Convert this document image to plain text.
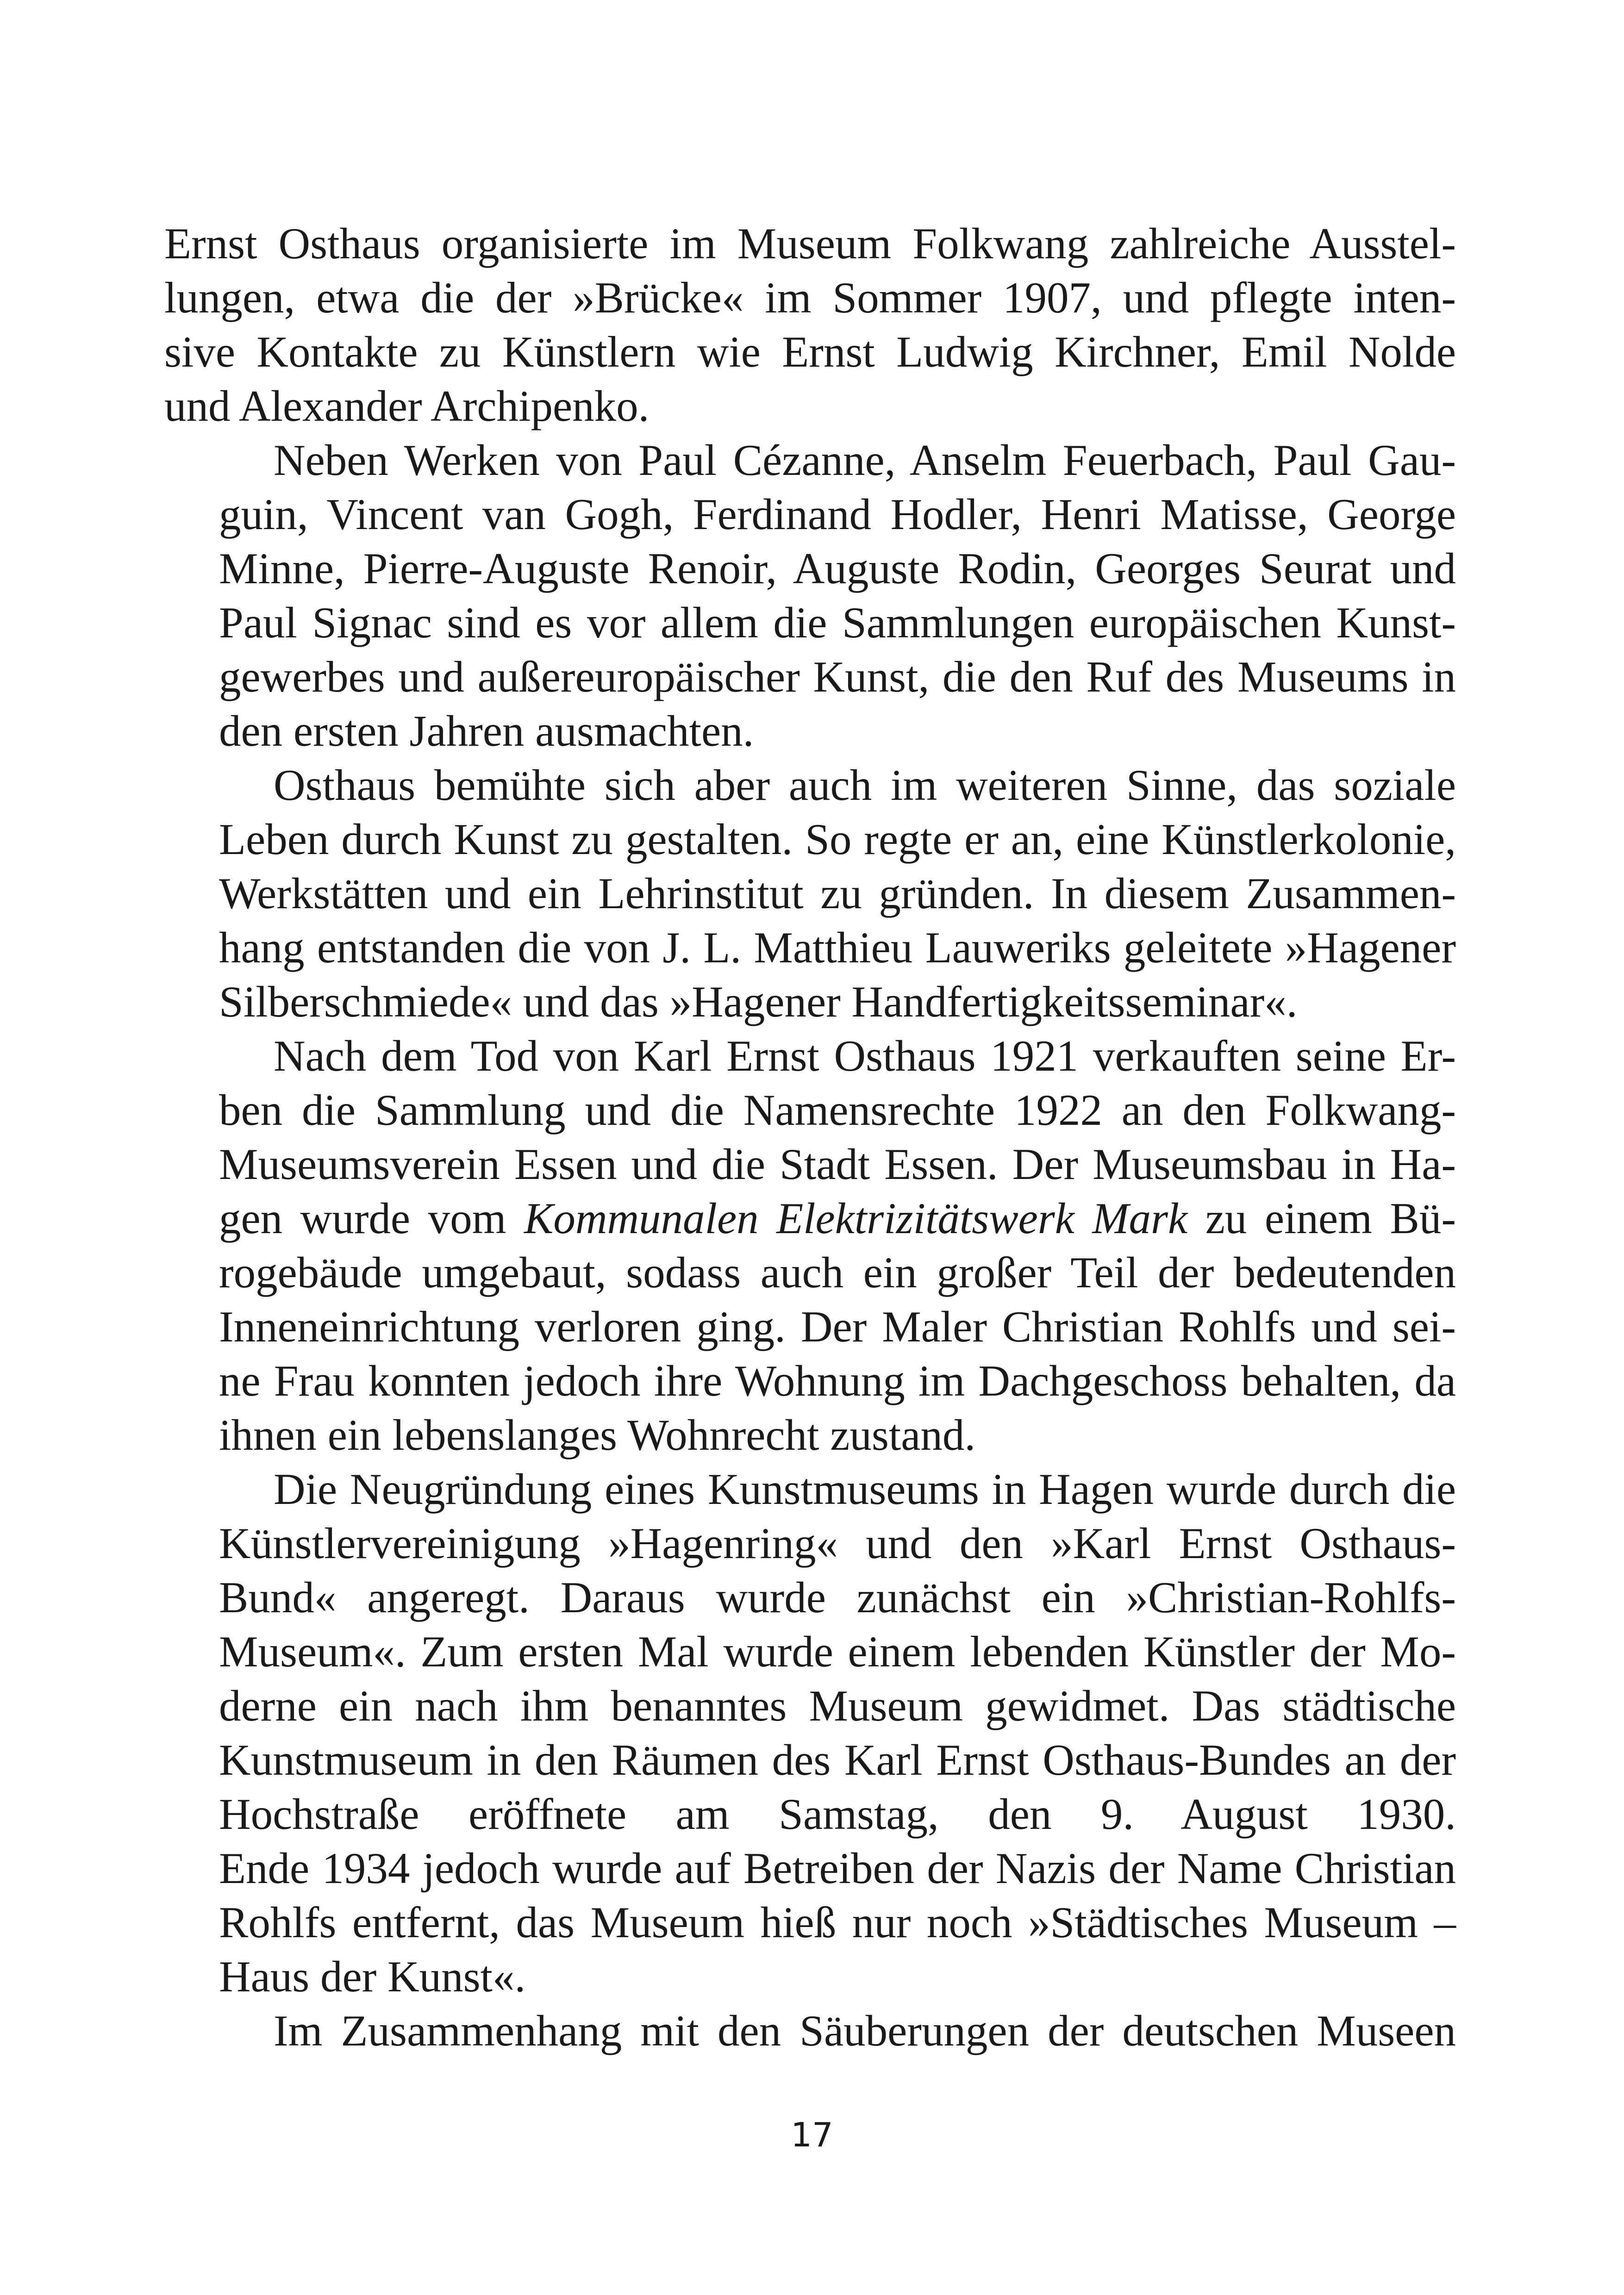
Ernst Osthaus organisierte im Museum Folkwang zahlreiche Ausstel-
lungen, etwa die der »Brücke« im Sommer 1907, und pflegte inten-
sive Kontakte zu Künstlern wie Ernst Ludwig Kirchner, Emil Nolde
und Alexander Archipenko.

Neben Werken von Paul Cézanne, Anselm Feuerbach, Paul Gau-
guin, Vincent van Gogh, Ferdinand Hodler, Henri Matisse, George
Minne, Pierre-Auguste Renoir, Auguste Rodin, Georges Seurat und
Paul Signac sind es vor allem die Sammlungen europäischen Kunst-
gewerbes und außereuropäischer Kunst, die den Ruf des Museums in
den ersten Jahren ausmachten.

Osthaus bemühte sich aber auch im weiteren Sinne, das soziale
Leben durch Kunst zu gestalten. So regte er an, eine Künstlerkolonie,
Werkstätten und ein Lehrinstitut zu gründen. In diesem Zusammen-
hang entstanden die von J. L. Matthieu Lauweriks geleitete »Hagener
Silberschmiede« und das »Hagener Handfertigkeitsseminar«.

Nach dem Tod von Karl Ernst Osthaus 1921 verkauften seine Er-
ben die Sammlung und die Namensrechte 1922 an den Folkwang-
Museumsverein Essen und die Stadt Essen. Der Museumsbau in Ha-
gen wurde vom Kommunalen Elektrizitätswerk Mark zu einem Bü-
rogebäude umgebaut, sodass auch ein großer Teil der bedeutenden
Inneneinrichtung verloren ging. Der Maler Christian Rohlfs und sei-
ne Frau konnten jedoch ihre Wohnung im Dachgeschoss behalten, da
ihnen ein lebenslanges Wohnrecht zustand.

Die Neugründung eines Kunstmuseums in Hagen wurde durch die
Künstlervereinigung »Hagenring« und den »Karl Ernst Osthaus-
Bund« angeregt. Daraus wurde zunächst ein »Christian-Rohlfs-
Museum«. Zum ersten Mal wurde einem lebenden Künstler der Mo-
derne ein nach ihm benanntes Museum gewidmet. Das städtische
Kunstmuseum in den Räumen des Karl Ernst Osthaus-Bundes an der
Hochstraße eröffnete am Samstag, den 9. August 1930.
Ende 1934 jedoch wurde auf Betreiben der Nazis der Name Christian
Rohlfs entfernt, das Museum hieß nur noch »Städtisches Museum –
Haus der Kunst«.

Im Zusammenhang mit den Säuberungen der deutschen Museen

17
